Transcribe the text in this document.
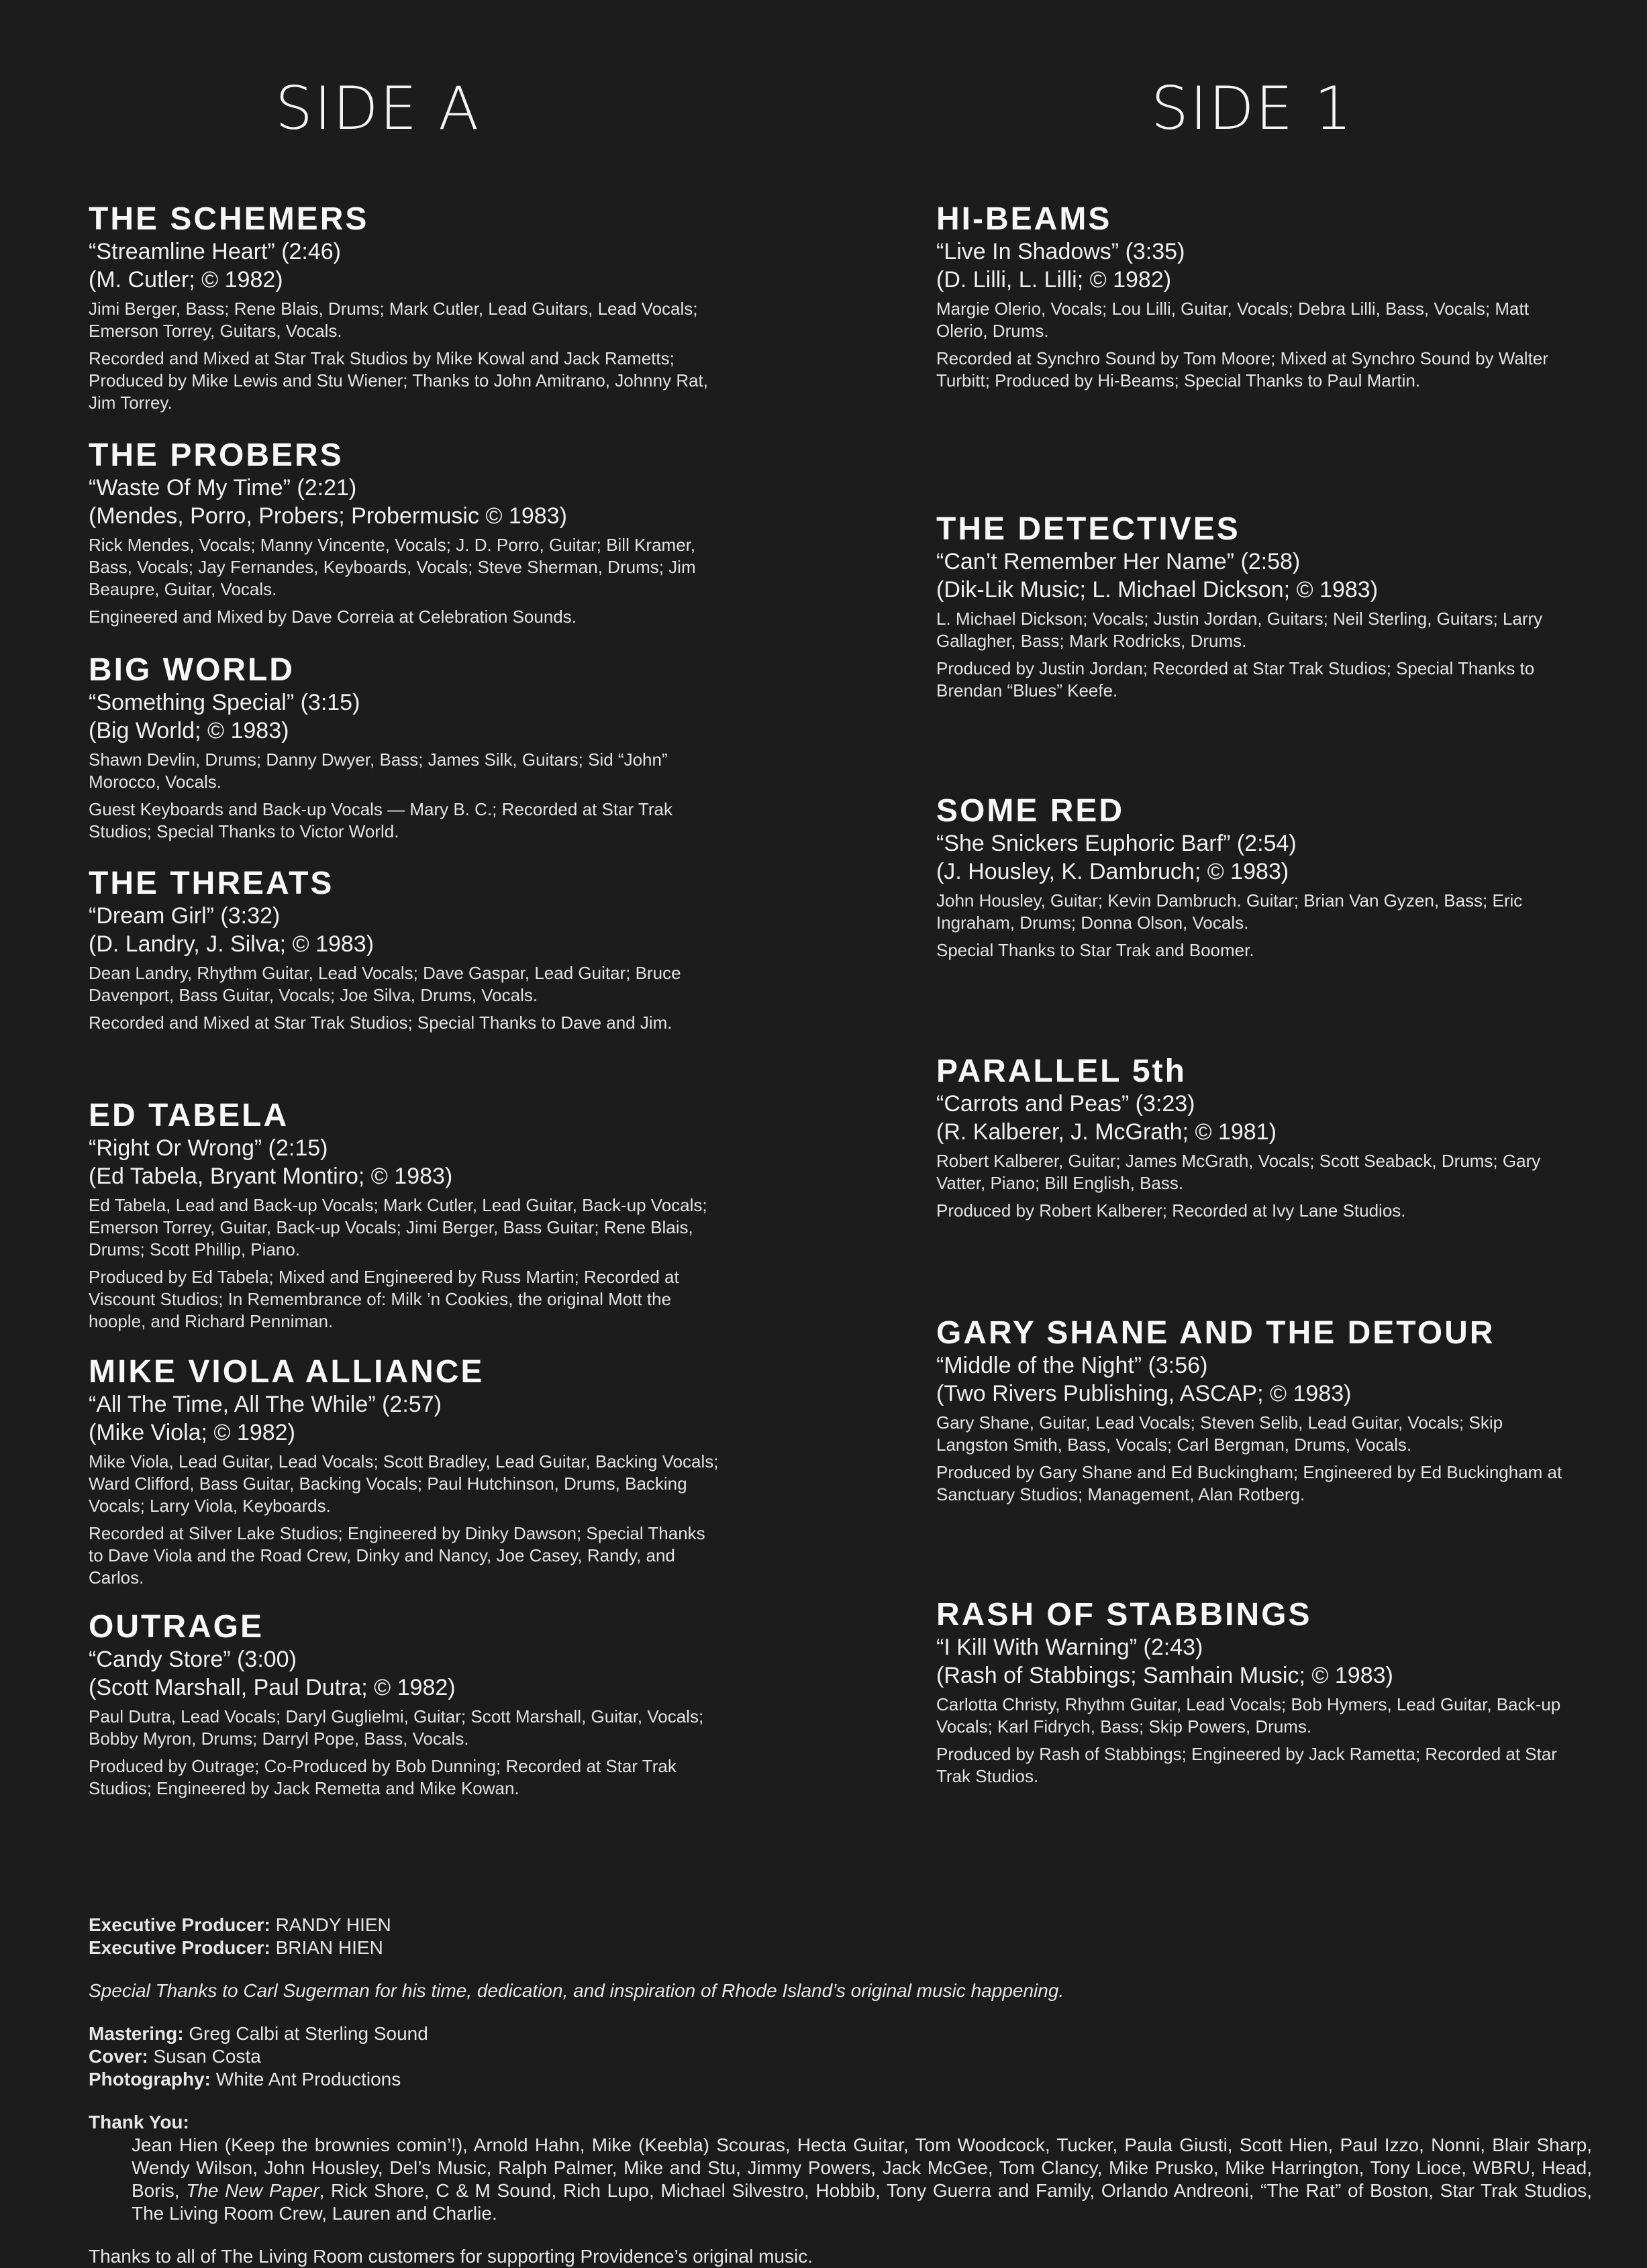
SIDE A	SIDE 1
THE SCHEMERS

“Streamline Heart” (2:46)

(M. Cutler; © 1982)

Jimi Berger, Bass; Rene Blais, Drums; Mark Cutler, Lead Guitars, Lead Vocals; Emerson Torrey, Guitars, Vocals.

Recorded and Mixed at Star Trak Studios by Mike Kowal and Jack Rametts; Produced by Mike Lewis and Stu Wiener; Thanks to John Amitrano, Johnny Rat, Jim Torrey.

THE PROBERS

“Waste Of My Time” (2:21)

(Mendes, Porro, Probers; Probermusic © 1983)

Rick Mendes, Vocals; Manny Vincente, Vocals; J. D. Porro, Guitar; Bill Kramer, Bass, Vocals; Jay Fernandes, Keyboards, Vocals; Steve Sherman, Drums; Jim Beaupre, Guitar, Vocals.

Engineered and Mixed by Dave Correia at Celebration Sounds.

BIG WORLD

“Something Special” (3:15)

(Big World; © 1983)

Shawn Devlin, Drums; Danny Dwyer, Bass; James Silk, Guitars; Sid “John” Morocco, Vocals.

Guest Keyboards and Back-up Vocals — Mary B. C.; Recorded at Star Trak Studios; Special Thanks to Victor World.

THE THREATS

“Dream Girl” (3:32)

(D. Landry, J. Silva; © 1983)

Dean Landry, Rhythm Guitar, Lead Vocals; Dave Gaspar, Lead Guitar; Bruce Davenport, Bass Guitar, Vocals; Joe Silva, Drums, Vocals.

Recorded and Mixed at Star Trak Studios; Special Thanks to Dave and Jim.

ED TABELA

“Right Or Wrong” (2:15)

(Ed Tabela, Bryant Montiro; © 1983)

Ed Tabela, Lead and Back-up Vocals; Mark Cutler, Lead Guitar, Back-up Vocals; Emerson Torrey, Guitar, Back-up Vocals; Jimi Berger, Bass Guitar; Rene Blais, Drums; Scott Phillip, Piano.

Produced by Ed Tabela; Mixed and Engineered by Russ Martin; Recorded at Viscount Studios; In Remembrance of: Milk ’n Cookies, the original Mott the hoople, and Richard Penniman.

MIKE VIOLA ALLIANCE

“All The Time, All The While” (2:57)

(Mike Viola; © 1982)

Mike Viola, Lead Guitar, Lead Vocals; Scott Bradley, Lead Guitar, Backing Vocals; Ward Clifford, Bass Guitar, Backing Vocals; Paul Hutchinson, Drums, Backing Vocals; Larry Viola, Keyboards.

Recorded at Silver Lake Studios; Engineered by Dinky Dawson; Special Thanks to Dave Viola and the Road Crew, Dinky and Nancy, Joe Casey, Randy, and Carlos.

OUTRAGE

“Candy Store” (3:00)

(Scott Marshall, Paul Dutra; © 1982)

Paul Dutra, Lead Vocals; Daryl Guglielmi, Guitar; Scott Marshall, Guitar, Vocals; Bobby Myron, Drums; Darryl Pope, Bass, Vocals.

Produced by Outrage; Co-Produced by Bob Dunning; Recorded at Star Trak Studios; Engineered by Jack Remetta and Mike Kowan.

HI-BEAMS

“Live In Shadows” (3:35)

(D. Lilli, L. Lilli; © 1982)

Margie Olerio, Vocals; Lou Lilli, Guitar, Vocals; Debra Lilli, Bass, Vocals; Matt Olerio, Drums.

Recorded at Synchro Sound by Tom Moore; Mixed at Synchro Sound by Walter Turbitt; Produced by Hi-Beams; Special Thanks to Paul Martin.

THE DETECTIVES

“Can’t Remember Her Name” (2:58)

(Dik-Lik Music; L. Michael Dickson; © 1983)

L. Michael Dickson; Vocals; Justin Jordan, Guitars; Neil Sterling, Guitars; Larry Gallagher, Bass; Mark Rodricks, Drums.

Produced by Justin Jordan; Recorded at Star Trak Studios; Special Thanks to Brendan “Blues” Keefe.

SOME RED

“She Snickers Euphoric Barf” (2:54)

(J. Housley, K. Dambruch; © 1983)

John Housley, Guitar; Kevin Dambruch. Guitar; Brian Van Gyzen, Bass; Eric Ingraham, Drums; Donna Olson, Vocals.

Special Thanks to Star Trak and Boomer.

PARALLEL 5th

“Carrots and Peas” (3:23)

(R. Kalberer, J. McGrath; © 1981)

Robert Kalberer, Guitar; James McGrath, Vocals; Scott Seaback, Drums; Gary Vatter, Piano; Bill English, Bass.

Produced by Robert Kalberer; Recorded at Ivy Lane Studios.

GARY SHANE AND THE DETOUR

“Middle of the Night” (3:56)

(Two Rivers Publishing, ASCAP; © 1983)

Gary Shane, Guitar, Lead Vocals; Steven Selib, Lead Guitar, Vocals; Skip Langston Smith, Bass, Vocals; Carl Bergman, Drums, Vocals.

Produced by Gary Shane and Ed Buckingham; Engineered by Ed Buckingham at Sanctuary Studios; Management, Alan Rotberg.

RASH OF STABBINGS

“I Kill With Warning” (2:43)

(Rash of Stabbings; Samhain Music; © 1983)

Carlotta Christy, Rhythm Guitar, Lead Vocals; Bob Hymers, Lead Guitar, Back-up Vocals; Karl Fidrych, Bass; Skip Powers, Drums.

Produced by Rash of Stabbings; Engineered by Jack Rametta; Recorded at Star Trak Studios.

Executive Producer: RANDY HIEN

Executive Producer: BRIAN HIEN

Special Thanks to Carl Sugerman for his time, dedication, and inspiration of Rhode Island’s original music happening.

Mastering: Greg Calbi at Sterling Sound

Cover: Susan Costa

Photography: White Ant Productions

Thank You:

Jean Hien (Keep the brownies comin’!), Arnold Hahn, Mike (Keebla) Scouras, Hecta Guitar, Tom Woodcock, Tucker, Paula Giusti, Scott Hien, Paul Izzo, Nonni, Blair Sharp, Wendy Wilson, John Housley, Del’s Music, Ralph Palmer, Mike and Stu, Jimmy Powers, Jack McGee, Tom Clancy, Mike Prusko, Mike Harrington, Tony Lioce, WBRU, Head, Boris, The New Paper, Rick Shore, C & M Sound, Rich Lupo, Michael Silvestro, Hobbib, Tony Guerra and Family, Orlando Andreoni, “The Rat” of Boston, Star Trak Studios, The Living Room Crew, Lauren and Charlie.

Thanks to all of The Living Room customers for supporting Providence’s original music.
